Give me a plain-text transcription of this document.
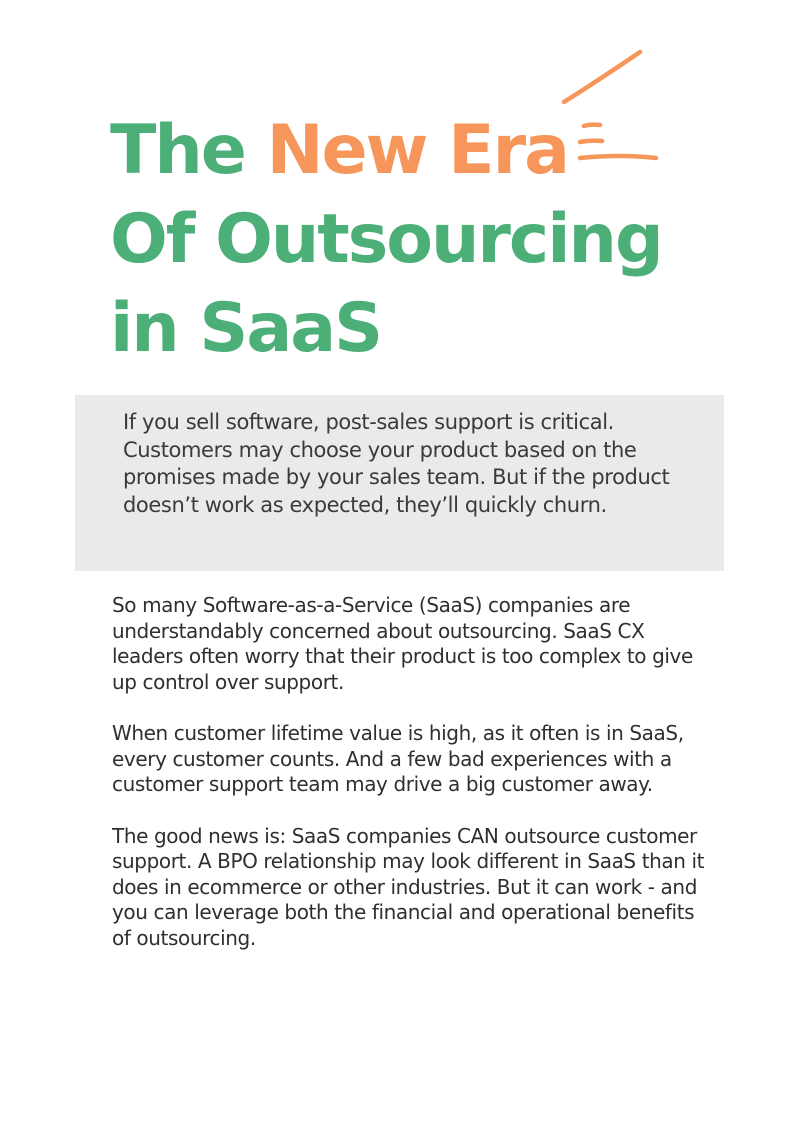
The New Era
Of Outsourcing
in SaaS

If you sell software, post-sales support is critical. Customers may choose your product based on the promises made by your sales team. But if the product doesn’t work as expected, they’ll quickly churn.

So many Software-as-a-Service (SaaS) companies are understandably concerned about outsourcing. SaaS CX leaders often worry that their product is too complex to give up control over support.

When customer lifetime value is high, as it often is in SaaS, every customer counts. And a few bad experiences with a customer support team may drive a big customer away.

The good news is: SaaS companies CAN outsource customer support. A BPO relationship may look different in SaaS than it does in ecommerce or other industries. But it can work - and you can leverage both the financial and operational benefits of outsourcing.
